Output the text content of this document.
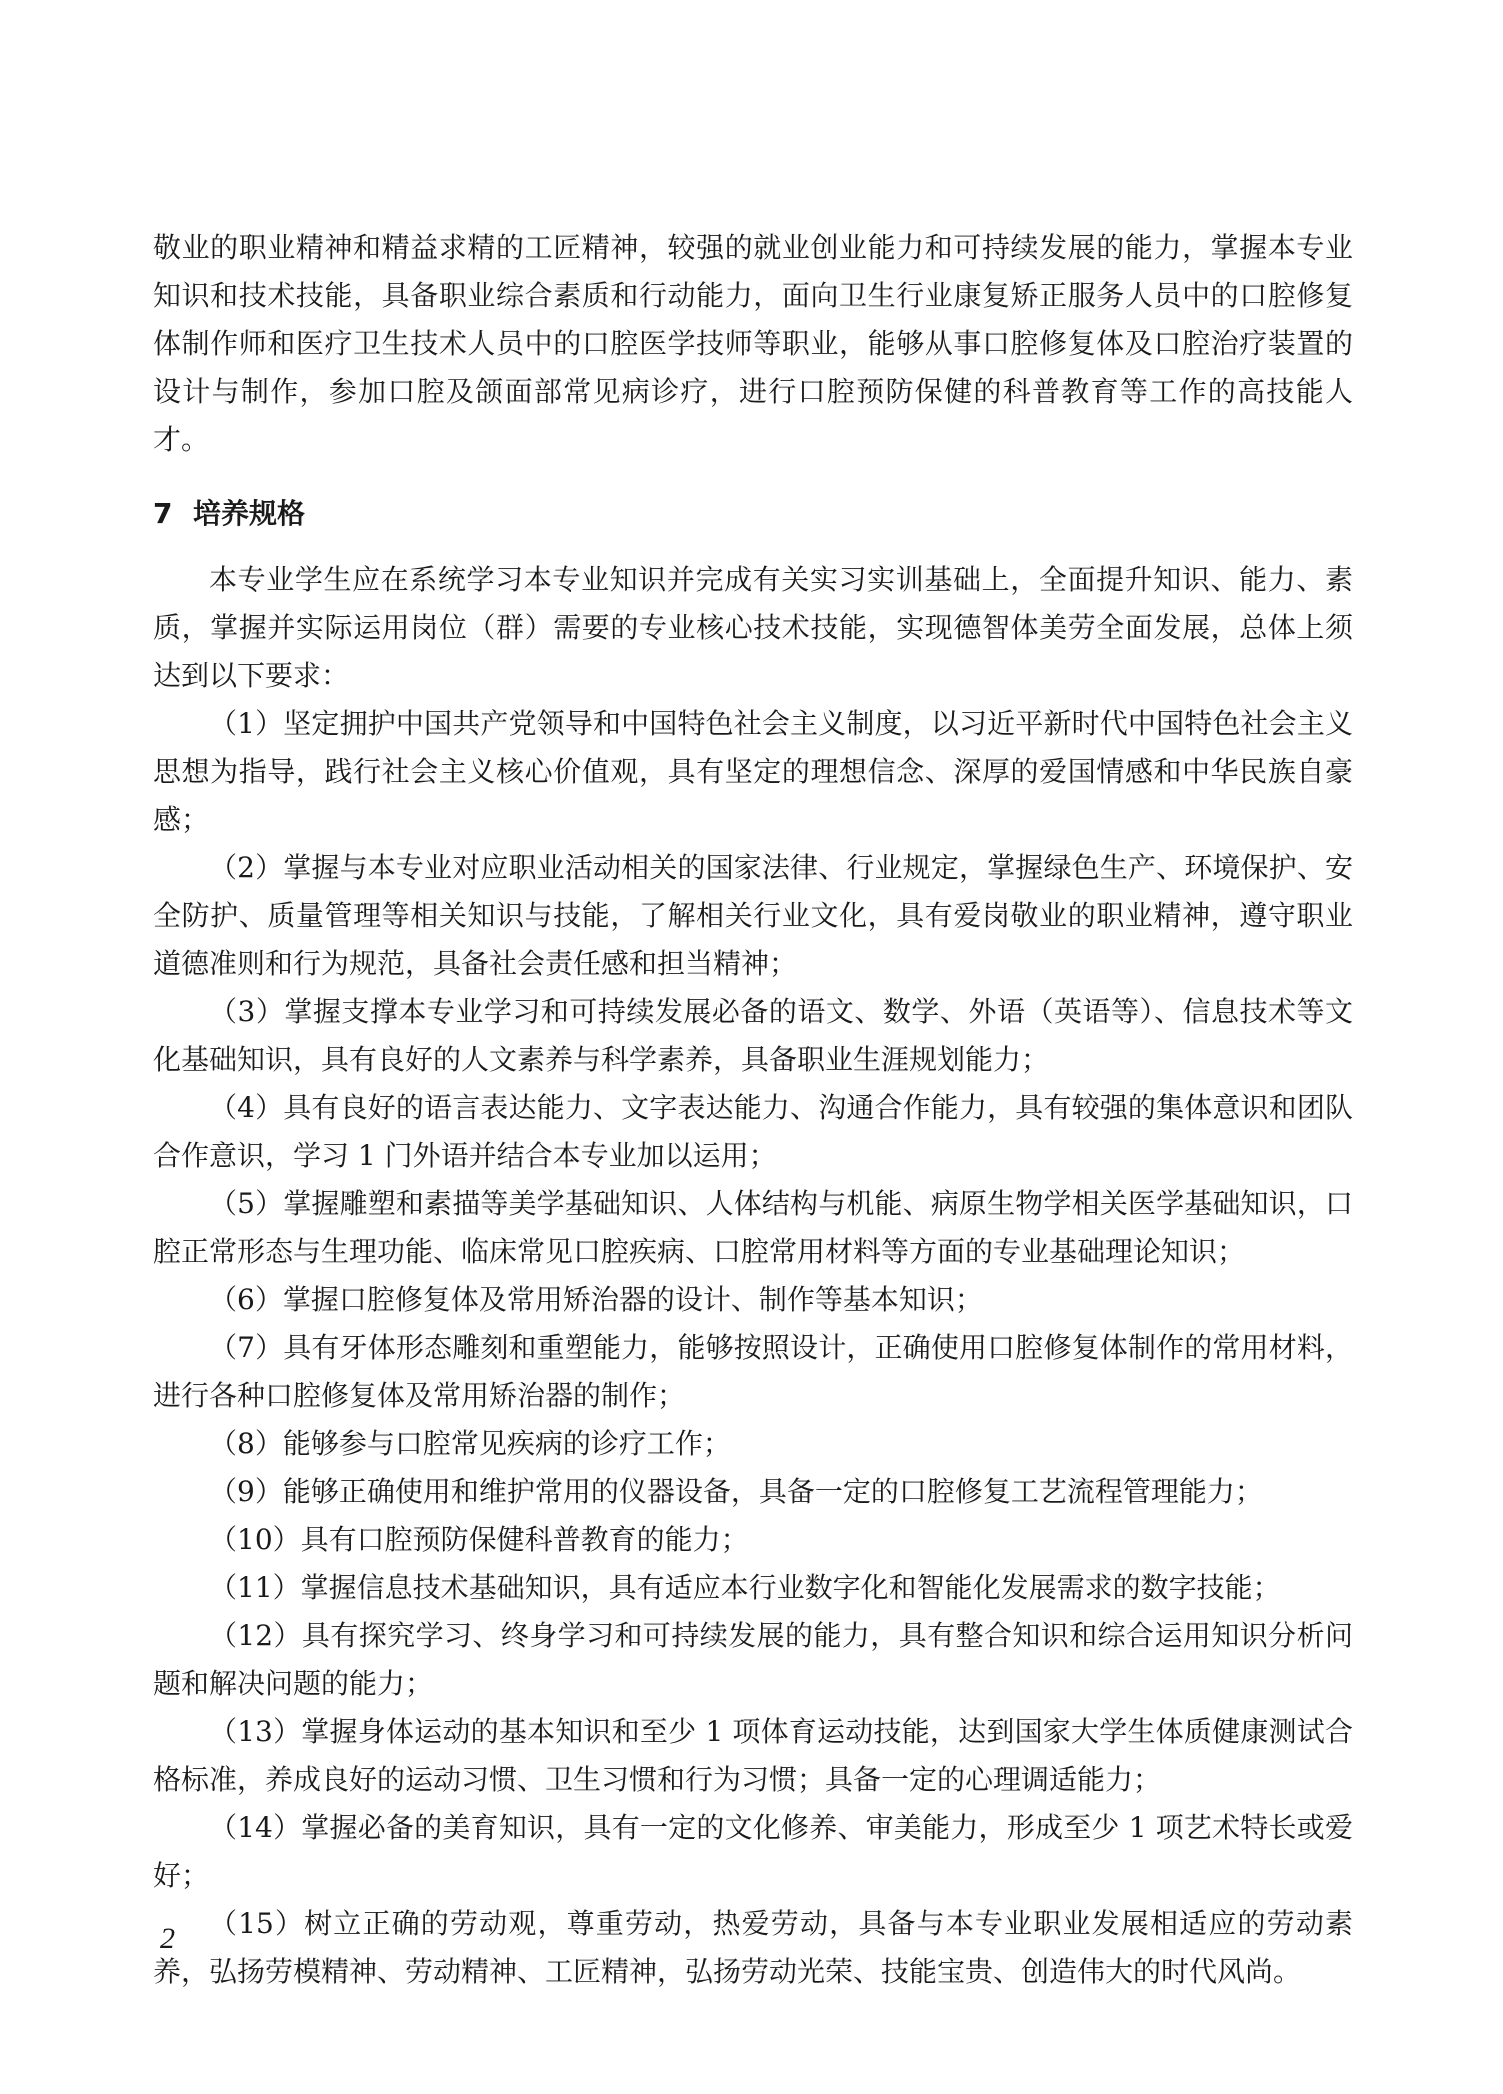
敬业的职业精神和精益求精的工匠精神，较强的就业创业能力和可持续发展的能力，掌握本专业知识和技术技能，具备职业综合素质和行动能力，面向卫生行业康复矫正服务人员中的口腔修复体制作师和医疗卫生技术人员中的口腔医学技师等职业，能够从事口腔修复体及口腔治疗装置的设计与制作，参加口腔及颌面部常见病诊疗，进行口腔预防保健的科普教育等工作的高技能人才。

7 培养规格

本专业学生应在系统学习本专业知识并完成有关实习实训基础上，全面提升知识、能力、素质，掌握并实际运用岗位（群）需要的专业核心技术技能，实现德智体美劳全面发展，总体上须达到以下要求：

（1）坚定拥护中国共产党领导和中国特色社会主义制度，以习近平新时代中国特色社会主义思想为指导，践行社会主义核心价值观，具有坚定的理想信念、深厚的爱国情感和中华民族自豪感；

（2）掌握与本专业对应职业活动相关的国家法律、行业规定，掌握绿色生产、环境保护、安全防护、质量管理等相关知识与技能，了解相关行业文化，具有爱岗敬业的职业精神，遵守职业道德准则和行为规范，具备社会责任感和担当精神；

（3）掌握支撑本专业学习和可持续发展必备的语文、数学、外语（英语等）、信息技术等文化基础知识，具有良好的人文素养与科学素养，具备职业生涯规划能力；

（4）具有良好的语言表达能力、文字表达能力、沟通合作能力，具有较强的集体意识和团队合作意识，学习 1 门外语并结合本专业加以运用；

（5）掌握雕塑和素描等美学基础知识、人体结构与机能、病原生物学相关医学基础知识，口腔正常形态与生理功能、临床常见口腔疾病、口腔常用材料等方面的专业基础理论知识；

（6）掌握口腔修复体及常用矫治器的设计、制作等基本知识；

（7）具有牙体形态雕刻和重塑能力，能够按照设计，正确使用口腔修复体制作的常用材料，进行各种口腔修复体及常用矫治器的制作；

（8）能够参与口腔常见疾病的诊疗工作；

（9）能够正确使用和维护常用的仪器设备，具备一定的口腔修复工艺流程管理能力；

（10）具有口腔预防保健科普教育的能力；

（11）掌握信息技术基础知识，具有适应本行业数字化和智能化发展需求的数字技能；

（12）具有探究学习、终身学习和可持续发展的能力，具有整合知识和综合运用知识分析问题和解决问题的能力；

（13）掌握身体运动的基本知识和至少 1 项体育运动技能，达到国家大学生体质健康测试合格标准，养成良好的运动习惯、卫生习惯和行为习惯；具备一定的心理调适能力；

（14）掌握必备的美育知识，具有一定的文化修养、审美能力，形成至少 1 项艺术特长或爱好；

（15）树立正确的劳动观，尊重劳动，热爱劳动，具备与本专业职业发展相适应的劳动素养，弘扬劳模精神、劳动精神、工匠精神，弘扬劳动光荣、技能宝贵、创造伟大的时代风尚。

2
